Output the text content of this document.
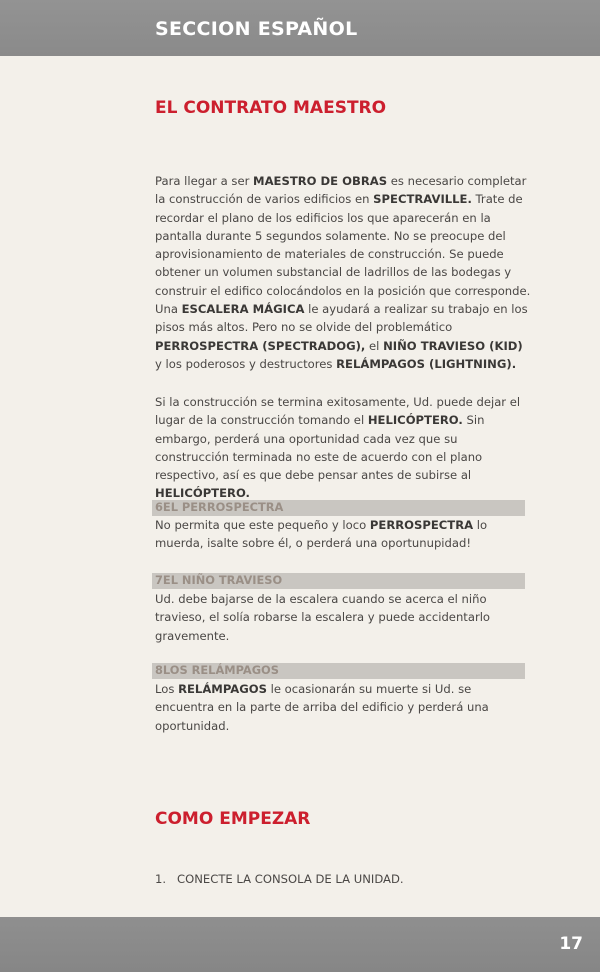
SECCION ESPAÑOL
EL CONTRATO MAESTRO
Para llegar a ser MAESTRO DE OBRAS es necesario completar la construcción de varios edificios en SPECTRAVILLE. Trate de recordar el plano de los edificios los que aparecerán en la pantalla durante 5 segundos solamente. No se preocupe del aprovisionamiento de materiales de construcción. Se puede obtener un volumen substancial de ladrillos de las bodegas y construir el edifico colocándolos en la posición que corresponde. Una ESCALERA MÁGICA le ayudará a realizar su trabajo en los pisos más altos. Pero no se olvide del problemático PERROSPECTRA (SPECTRADOG), el NIÑO TRAVIESO (KID) y los poderosos y destructores RELÁMPAGOS (LIGHTNING).
Si la construcción se termina exitosamente, Ud. puede dejar el lugar de la construcción tomando el HELICÓPTERO. Sin embargo, perderá una oportunidad cada vez que su construcción terminada no este de acuerdo con el plano respectivo, así es que debe pensar antes de subirse al HELICÓPTERO.
6EL PERROSPECTRA
No permita que este pequeño y loco PERROSPECTRA lo muerda, isalte sobre él, o perderá una oportunupidad!
7EL NIÑO TRAVIESO
Ud. debe bajarse de la escalera cuando se acerca el niño travieso, el solía robarse la escalera y puede accidentarlo gravemente.
8LOS RELÁMPAGOS
Los RELÁMPAGOS le ocasionarán su muerte si Ud. se encuentra en la parte de arriba del edificio y perderá una oportunidad.
COMO EMPEZAR
1. CONECTE LA CONSOLA DE LA UNIDAD.
17
